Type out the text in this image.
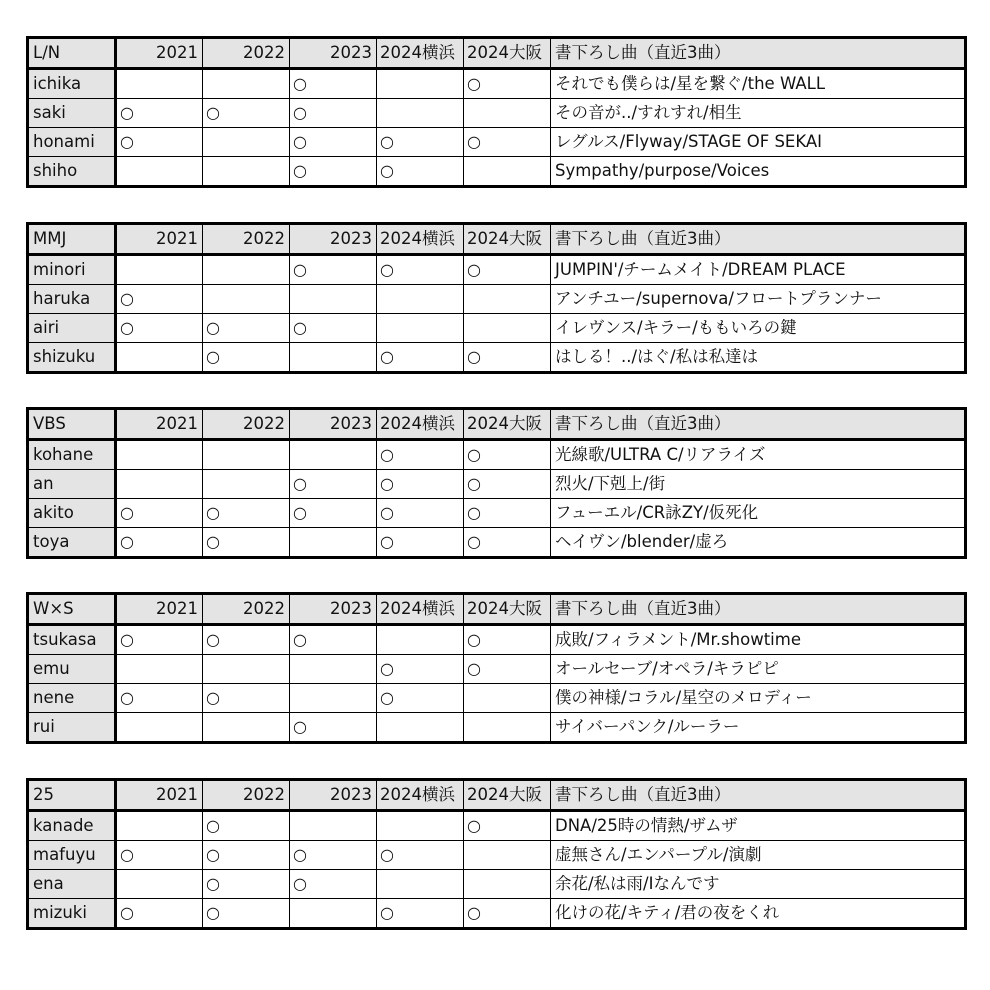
L/N	2021	2022	2023	2024横浜	2024大阪	書下ろし曲（直近3曲）
ichika			○		○	それでも僕らは/星を繋ぐ/the WALL
saki	○	○	○			その音が../すれすれ/相生
honami	○		○	○	○	レグルス/Flyway/STAGE OF SEKAI
shiho			○	○		Sympathy/purpose/Voices
MMJ	2021	2022	2023	2024横浜	2024大阪	書下ろし曲（直近3曲）
minori			○	○	○	JUMPIN'/チームメイト/DREAM PLACE
haruka	○					アンチユー/supernova/フロートプランナー
airi	○	○	○			イレヴンス/キラー/ももいろの鍵
shizuku		○		○	○	はしる！../はぐ/私は私達は
VBS	2021	2022	2023	2024横浜	2024大阪	書下ろし曲（直近3曲）
kohane				○	○	光線歌/ULTRA C/リアライズ
an			○	○	○	烈火/下剋上/街
akito	○	○	○	○	○	フューエル/CR詠ZY/仮死化
toya	○	○		○	○	ヘイヴン/blender/虚ろ
W×S	2021	2022	2023	2024横浜	2024大阪	書下ろし曲（直近3曲）
tsukasa	○	○	○		○	成敗/フィラメント/Mr.showtime
emu				○	○	オールセーブ/オペラ/キラピピ
nene	○	○		○		僕の神様/コラル/星空のメロディー
rui			○			サイバーパンク/ルーラー
25	2021	2022	2023	2024横浜	2024大阪	書下ろし曲（直近3曲）
kanade		○			○	DNA/25時の情熱/ザムザ
mafuyu	○	○	○	○		虚無さん/エンパープル/演劇
ena		○	○			余花/私は雨/Iなんです
mizuki	○	○		○	○	化けの花/キティ/君の夜をくれ
